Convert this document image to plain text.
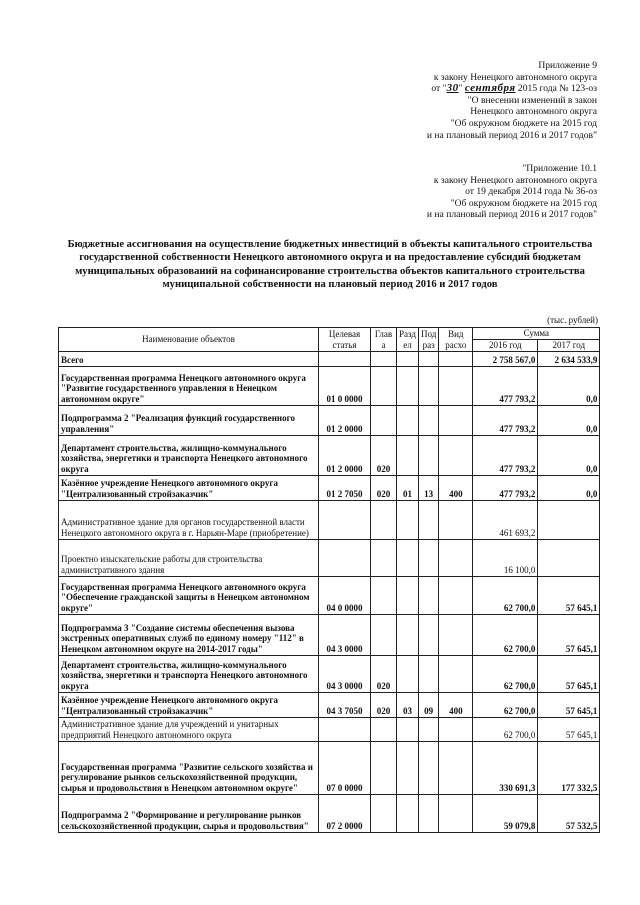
Приложение 9
к закону Ненецкого автономного округа
от "30" сентября 2015 года № 123-оз
"О внесении изменений в закон
Ненецкого автономного округа
"Об окружном бюджете на 2015 год
и на плановый период 2016 и 2017 годов"
"Приложение 10.1
к закону Ненецкого автономного округа
от 19 декабря 2014 года № 36-оз
"Об окружном бюджете на 2015 год
и на плановый период 2016 и 2017 годов"
Бюджетные ассигнования на осуществление бюджетных инвестиций в объекты капитального строительства государственной собственности Ненецкого автономного округа и на предоставление субсидий бюджетам муниципальных образований на софинансирование строительства объектов капитального строительства муниципальной собственности на плановый период 2016 и 2017 годов
(тыс. рублей)
Наименование объектов	Целевая статья	Глав а	Разд ел	Под раз	Вид расхо	Сумма	
						2016 год	2017 год
Всего						2 758 567,0	2 634 533,9
Государственная программа Ненецкого автономного округа "Развитие государственного управления в Ненецком автономном округе"	01 0 0000					477 793,2	0,0
Подпрограмма 2 "Реализация функций государственного управления"	01 2 0000					477 793,2	0,0
Департамент строительства, жилищно-коммунального хозяйства, энергетики и транспорта Ненецкого автономного округа	01 2 0000	020				477 793,2	0,0
Казённое учреждение Ненецкого автономного округа "Централизованный стройзаказчик"	01 2 7050	020	01	13	400	477 793,2	0,0
Административное здание для органов государственной власти Ненецкого автономного округа в г. Нарьян-Маре (приобретение)						461 693,2	
Проектно изыскательские работы для строительства административного здания						16 100,0	
Государственная программа Ненецкого автономного округа "Обеспечение гражданской защиты в Ненецком автономном округе"	04 0 0000					62 700,0	57 645,1
Подпрограмма 3 "Создание системы обеспечения вызова экстренных оперативных служб по единому номеру "112" в Ненецком автономном округе на 2014-2017 годы"	04 3 0000					62 700,0	57 645,1
Департамент строительства, жилищно-коммунального хозяйства, энергетики и транспорта Ненецкого автономного округа	04 3 0000	020				62 700,0	57 645,1
Казённое учреждение Ненецкого автономного округа "Централизованный стройзаказчик"	04 3 7050	020	03	09	400	62 700,0	57 645,1
Административное здание для учреждений и унитарных предприятий Ненецкого автономного округа						62 700,0	57 645,1
Государственная программа "Развитие сельского хозяйства и регулирование рынков сельскохозяйственной продукции, сырья и продовольствия в Ненецком автономном округе"	07 0 0000					330 691,3	177 332,5
Подпрограмма 2 "Формирование и регулирование рынков сельскохозяйственной продукции, сырья и продовольствия"	07 2 0000					59 079,8	57 532,5
